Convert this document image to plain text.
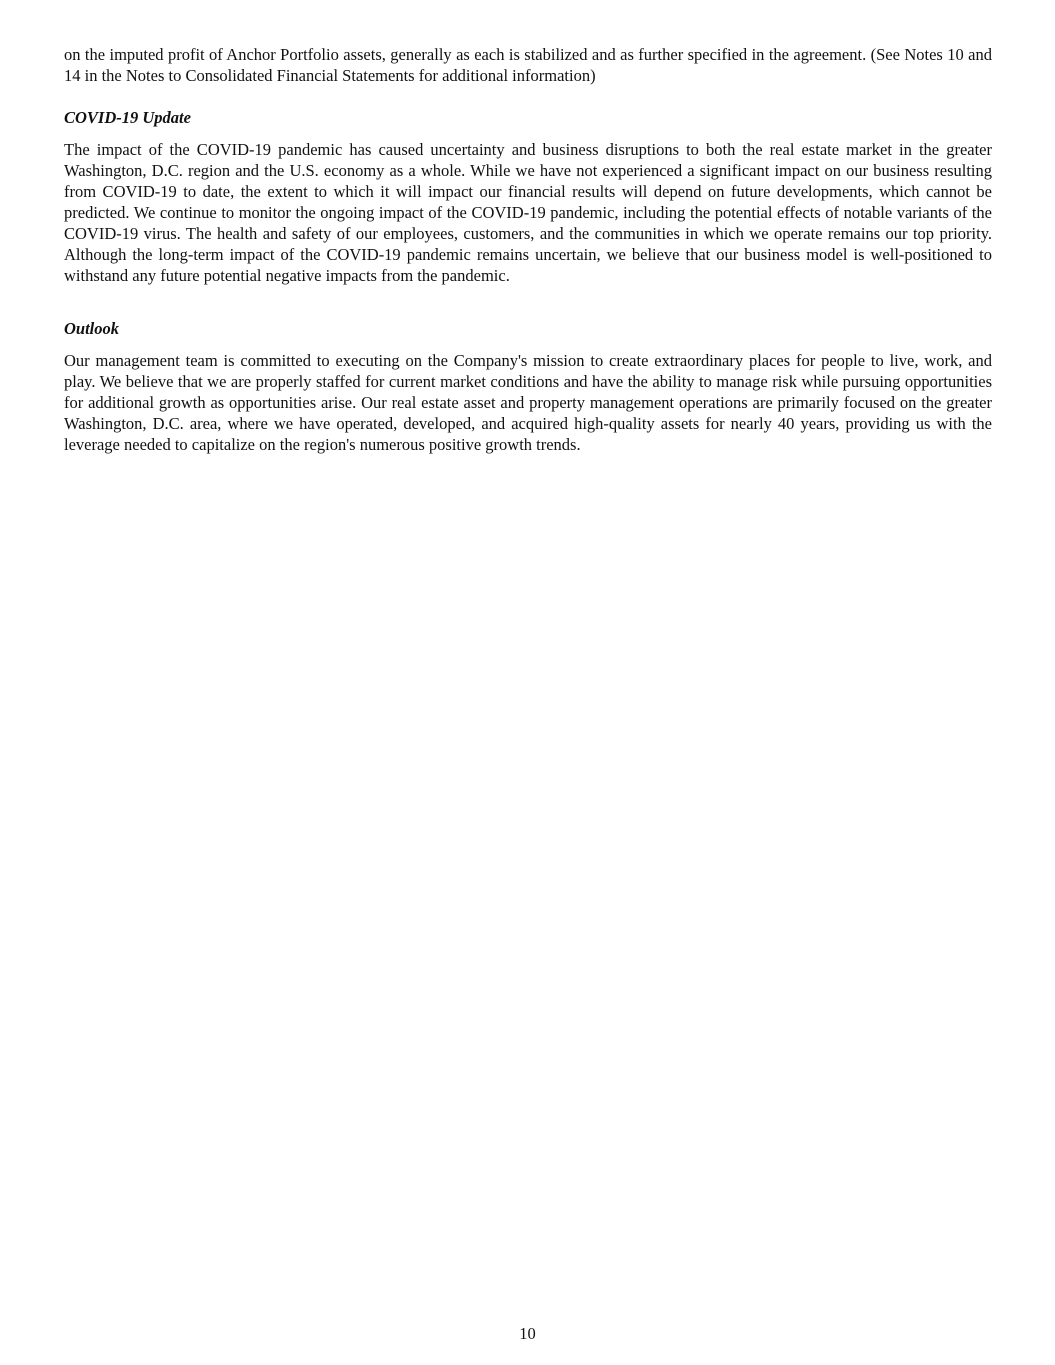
on the imputed profit of Anchor Portfolio assets, generally as each is stabilized and as further specified in the agreement. (See Notes 10 and 14 in the Notes to Consolidated Financial Statements for additional information)

COVID-19 Update

The impact of the COVID-19 pandemic has caused uncertainty and business disruptions to both the real estate market in the greater Washington, D.C. region and the U.S. economy as a whole. While we have not experienced a significant impact on our business resulting from COVID-19 to date, the extent to which it will impact our financial results will depend on future developments, which cannot be predicted. We continue to monitor the ongoing impact of the COVID-19 pandemic, including the potential effects of notable variants of the COVID-19 virus. The health and safety of our employees, customers, and the communities in which we operate remains our top priority. Although the long-term impact of the COVID-19 pandemic remains uncertain, we believe that our business model is well-positioned to withstand any future potential negative impacts from the pandemic.

Outlook

Our management team is committed to executing on the Company's mission to create extraordinary places for people to live, work, and play. We believe that we are properly staffed for current market conditions and have the ability to manage risk while pursuing opportunities for additional growth as opportunities arise. Our real estate asset and property management operations are primarily focused on the greater Washington, D.C. area, where we have operated, developed, and acquired high-quality assets for nearly 40 years, providing us with the leverage needed to capitalize on the region's numerous positive growth trends.

10
